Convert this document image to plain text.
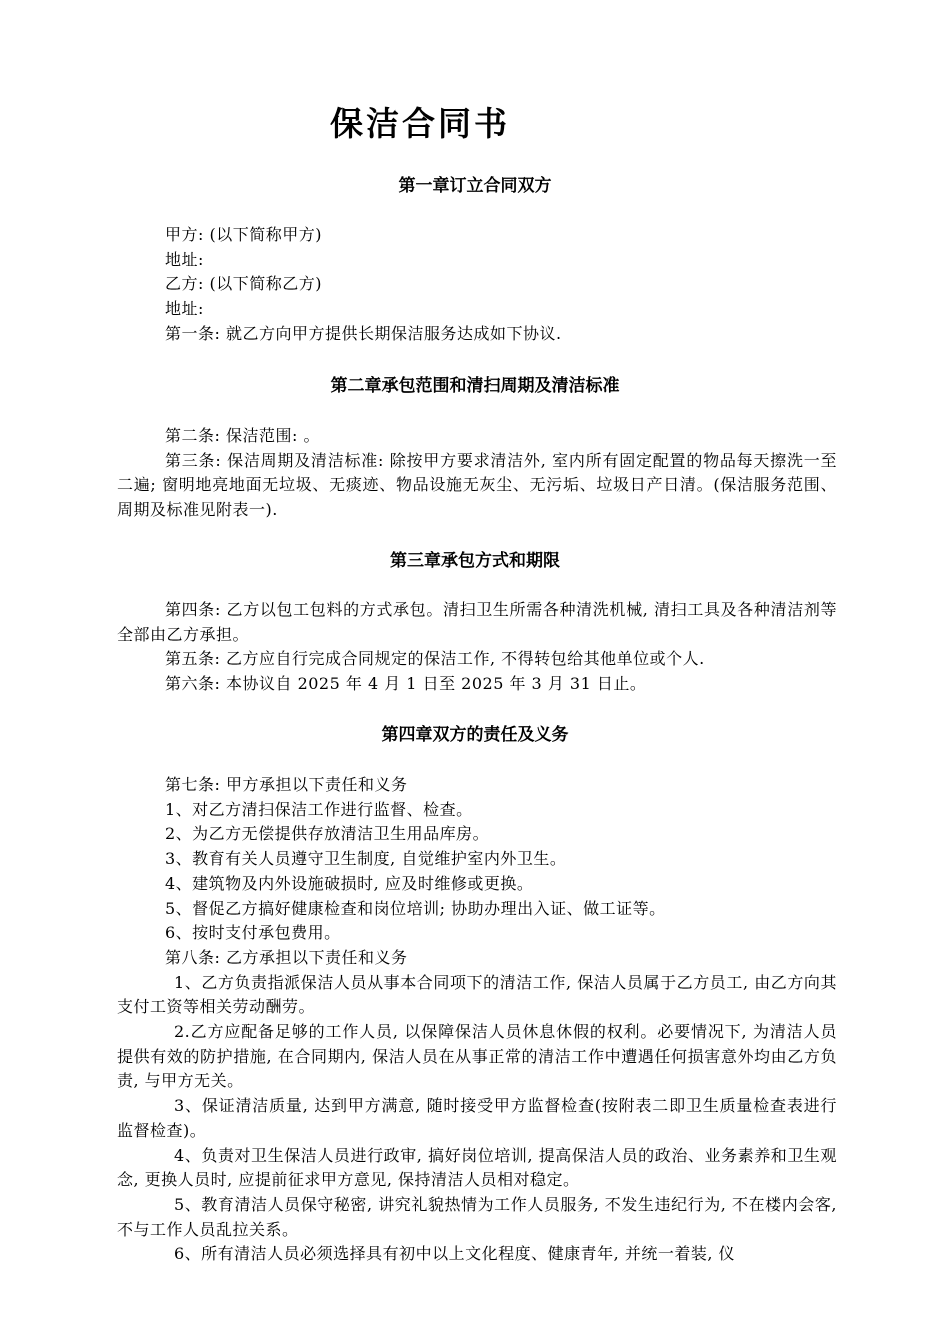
保洁合同书
第一章订立合同双方

甲方: (以下简称甲方)

地址:

乙方: (以下简称乙方)

地址:

第一条: 就乙方向甲方提供长期保洁服务达成如下协议.

第二章承包范围和清扫周期及清洁标准

第二条: 保洁范围: 。

第三条: 保洁周期及清洁标准: 除按甲方要求清洁外, 室内所有固定配置的物品每天擦洗一至二遍; 窗明地亮地面无垃圾、无痰迹、物品设施无灰尘、无污垢、垃圾日产日清。(保洁服务范围、周期及标准见附表一).

第三章承包方式和期限

第四条: 乙方以包工包料的方式承包。清扫卫生所需各种清洗机械, 清扫工具及各种清洁剂等全部由乙方承担。

第五条: 乙方应自行完成合同规定的保洁工作, 不得转包给其他单位或个人.

第六条: 本协议自 2025 年 4 月 1 日至 2025 年 3 月 31 日止。

第四章双方的责任及义务

第七条: 甲方承担以下责任和义务

1、对乙方清扫保洁工作进行监督、检查。

2、为乙方无偿提供存放清洁卫生用品库房。

3、教育有关人员遵守卫生制度, 自觉维护室内外卫生。

4、建筑物及内外设施破损时, 应及时维修或更换。

5、督促乙方搞好健康检查和岗位培训; 协助办理出入证、做工证等。

6、按时支付承包费用。

第八条: 乙方承担以下责任和义务

1、乙方负责指派保洁人员从事本合同项下的清洁工作, 保洁人员属于乙方员工, 由乙方向其支付工资等相关劳动酬劳。

2.乙方应配备足够的工作人员, 以保障保洁人员休息休假的权利。必要情况下, 为清洁人员提供有效的防护措施, 在合同期内, 保洁人员在从事正常的清洁工作中遭遇任何损害意外均由乙方负责, 与甲方无关。

3、保证清洁质量, 达到甲方满意, 随时接受甲方监督检查(按附表二即卫生质量检查表进行监督检查)。

4、负责对卫生保洁人员进行政审, 搞好岗位培训, 提高保洁人员的政治、业务素养和卫生观念, 更换人员时, 应提前征求甲方意见, 保持清洁人员相对稳定。

5、教育清洁人员保守秘密, 讲究礼貌热情为工作人员服务, 不发生违纪行为, 不在楼内会客, 不与工作人员乱拉关系。

6、所有清洁人员必须选择具有初中以上文化程度、健康青年, 并统一着装, 仪
